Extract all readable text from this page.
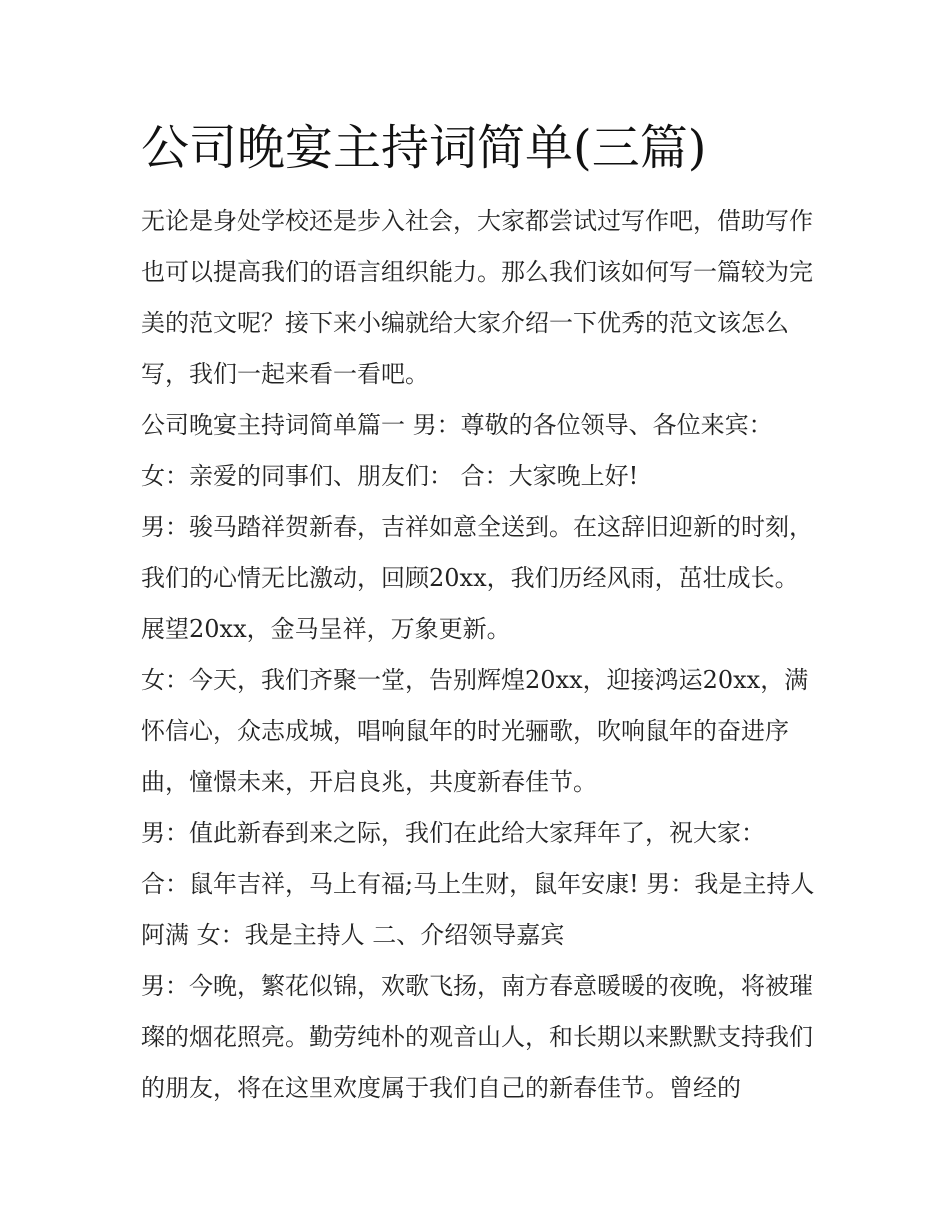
公司晚宴主持词简单(三篇)

无论是身处学校还是步入社会，大家都尝试过写作吧，借助写作也可以提高我们的语言组织能力。那么我们该如何写一篇较为完美的范文呢？接下来小编就给大家介绍一下优秀的范文该怎么写，我们一起来看一看吧。

公司晚宴主持词简单篇一 男：尊敬的各位领导、各位来宾：

女：亲爱的同事们、朋友们： 合：大家晚上好!

男：骏马踏祥贺新春，吉祥如意全送到。在这辞旧迎新的时刻，我们的心情无比激动，回顾20xx，我们历经风雨，茁壮成长。展望20xx，金马呈祥，万象更新。

女：今天，我们齐聚一堂，告别辉煌20xx，迎接鸿运20xx，满怀信心，众志成城，唱响鼠年的时光骊歌，吹响鼠年的奋进序曲，憧憬未来，开启良兆，共度新春佳节。

男：值此新春到来之际，我们在此给大家拜年了，祝大家：

合：鼠年吉祥，马上有福;马上生财，鼠年安康! 男：我是主持人阿满 女：我是主持人 二、介绍领导嘉宾

男：今晚，繁花似锦，欢歌飞扬，南方春意暖暖的夜晚，将被璀璨的烟花照亮。勤劳纯朴的观音山人，和长期以来默默支持我们的朋友，将在这里欢度属于我们自己的新春佳节。曾经的
